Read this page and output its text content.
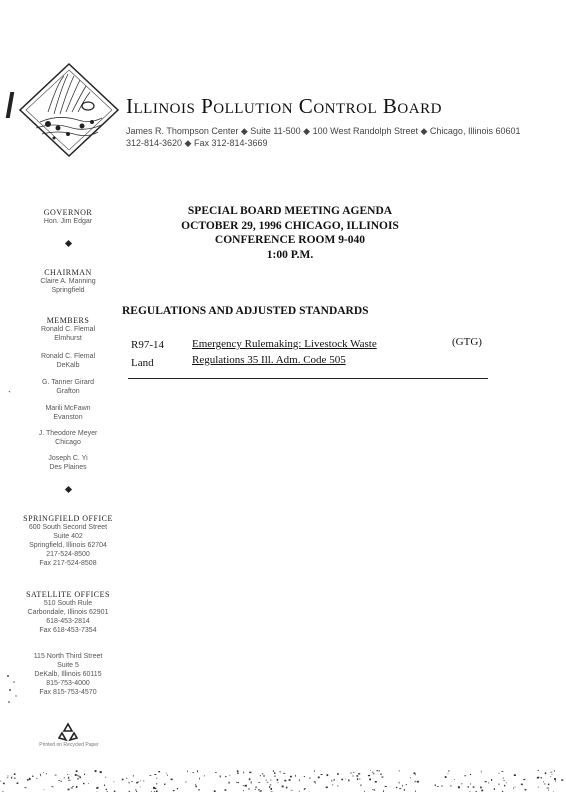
Illinois Pollution Control Board
James R. Thompson Center ◆ Suite 11-500 ◆ 100 West Randolph Street ◆ Chicago, Illinois 60601
312-814-3620 ◆ Fax 312-814-3669
GOVERNOR
Hon. Jim Edgar
CHAIRMAN
Claire A. Manning
Springfield
MEMBERS
Ronald C. Flemal
Elmhurst
Ronald C. Flemal
DeKalb
G. Tanner Girard
Grafton
Marili McFawn
Evanston
J. Theodore Meyer
Chicago
Joseph C. Yi
Des Plaines
SPRINGFIELD OFFICE
600 South Second Street
Suite 402
Springfield, Illinois 62704
217-524-8500
Fax 217-524-8508
SATELLITE OFFICES
510 South Rule
Carbondale, Illinois 62901
618-453-2814
Fax 618-453-7354
115 North Third Street
Suite 5
DeKalb, Illinois 60115
815-753-4000
Fax 815-753-4570
Printed on Recycled Paper
SPECIAL BOARD MEETING AGENDA
OCTOBER 29, 1996 CHICAGO, ILLINOIS
CONFERENCE ROOM 9-040
1:00 P.M.
REGULATIONS AND ADJUSTED STANDARDS
R97-14
Land
Emergency Rulemaking: Livestock Waste
Regulations 35 Ill. Adm. Code 505
(GTG)
ˏ
